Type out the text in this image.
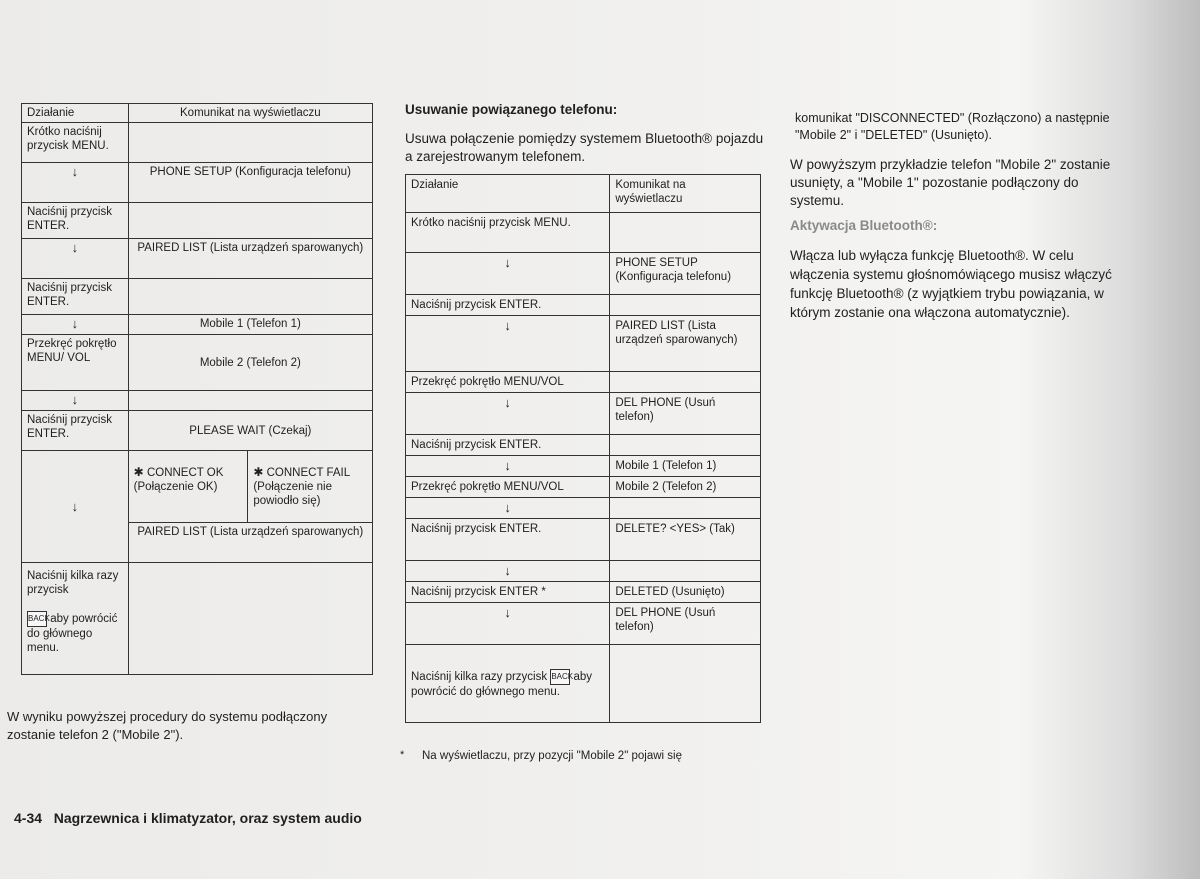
Działanie	Komunikat na wyświetlaczu	
Krótko naciśnij przycisk MENU.		
↓	PHONE SETUP (Konfiguracja telefonu)	
Naciśnij przycisk ENTER.		
↓	PAIRED LIST (Lista urządzeń sparowanych)	
Naciśnij przycisk ENTER.		
↓	Mobile 1 (Telefon 1)	
Przekręć pokrętło MENU/ VOL	Mobile 2 (Telefon 2)	
↓		
Naciśnij przycisk ENTER.	PLEASE WAIT (Czekaj)	
↓	✱ CONNECT OK (Połączenie OK)	✱ CONNECT FAIL (Połączenie nie powiodło się)
	PAIRED LIST (Lista urządzeń sparowanych)	
Naciśnij kilka razy przycisk

BACK aby powrócić do głównego menu.		
W wyniku powyższej procedury do systemu podłączony zostanie telefon 2 ("Mobile 2").
Usuwanie powiązanego telefonu:
Usuwa połączenie pomiędzy systemem Bluetooth® pojazdu a zarejestrowanym telefonem.
Działanie	Komunikat na wyświetlaczu
Krótko naciśnij przycisk MENU.	
↓	PHONE SETUP (Konfiguracja telefonu)
Naciśnij przycisk ENTER.	
↓	PAIRED LIST (Lista urządzeń sparowanych)
Przekręć pokrętło MENU/VOL	
↓	DEL PHONE (Usuń telefon)
Naciśnij przycisk ENTER.	
↓	Mobile 1 (Telefon 1)
Przekręć pokrętło MENU/VOL	Mobile 2 (Telefon 2)
↓	
Naciśnij przycisk ENTER.	DELETE? <YES> (Tak)
↓	
Naciśnij przycisk ENTER *	DELETED (Usunięto)
↓	DEL PHONE (Usuń telefon)
Naciśnij kilka razy przycisk BACK aby powrócić do głównego menu.	
* Na wyświetlaczu, przy pozycji "Mobile 2" pojawi się
komunikat "DISCONNECTED" (Rozłączono) a następnie "Mobile 2" i "DELETED" (Usunięto).
W powyższym przykładzie telefon "Mobile 2" zostanie usunięty, a "Mobile 1" pozostanie podłączony do systemu.
Aktywacja Bluetooth®:
Włącza lub wyłącza funkcję Bluetooth®. W celu włączenia systemu głośnomówiącego musisz włączyć funkcję Bluetooth® (z wyjątkiem trybu powiązania, w którym zostanie ona włączona automatycznie).
4-34 Nagrzewnica i klimatyzator, oraz system audio
